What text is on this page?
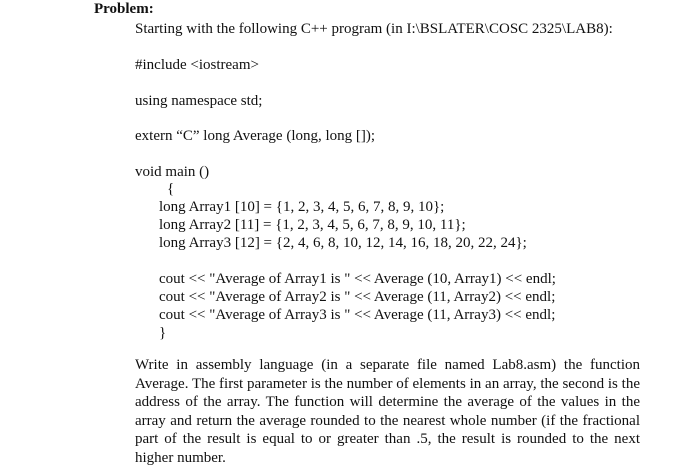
Problem:
Starting with the following C++ program (in I:\BSLATER\COSC 2325\LAB8):
#include <iostream>
using namespace std;
extern “C” long Average (long, long []);
void main ()
{
long Array1 [10] = {1, 2, 3, 4, 5, 6, 7, 8, 9, 10};
long Array2 [11] = {1, 2, 3, 4, 5, 6, 7, 8, 9, 10, 11};
long Array3 [12] = {2, 4, 6, 8, 10, 12, 14, 16, 18, 20, 22, 24};
cout << "Average of Array1 is " << Average (10, Array1) << endl;
cout << "Average of Array2 is " << Average (11, Array2) << endl;
cout << "Average of Array3 is " << Average (11, Array3) << endl;
}
Write in assembly language (in a separate file named Lab8.asm) the function Average. The first parameter is the number of elements in an array, the second is the address of the array. The function will determine the average of the values in the array and return the average rounded to the nearest whole number (if the fractional part of the result is equal to or greater than .5, the result is rounded to the next higher number.
